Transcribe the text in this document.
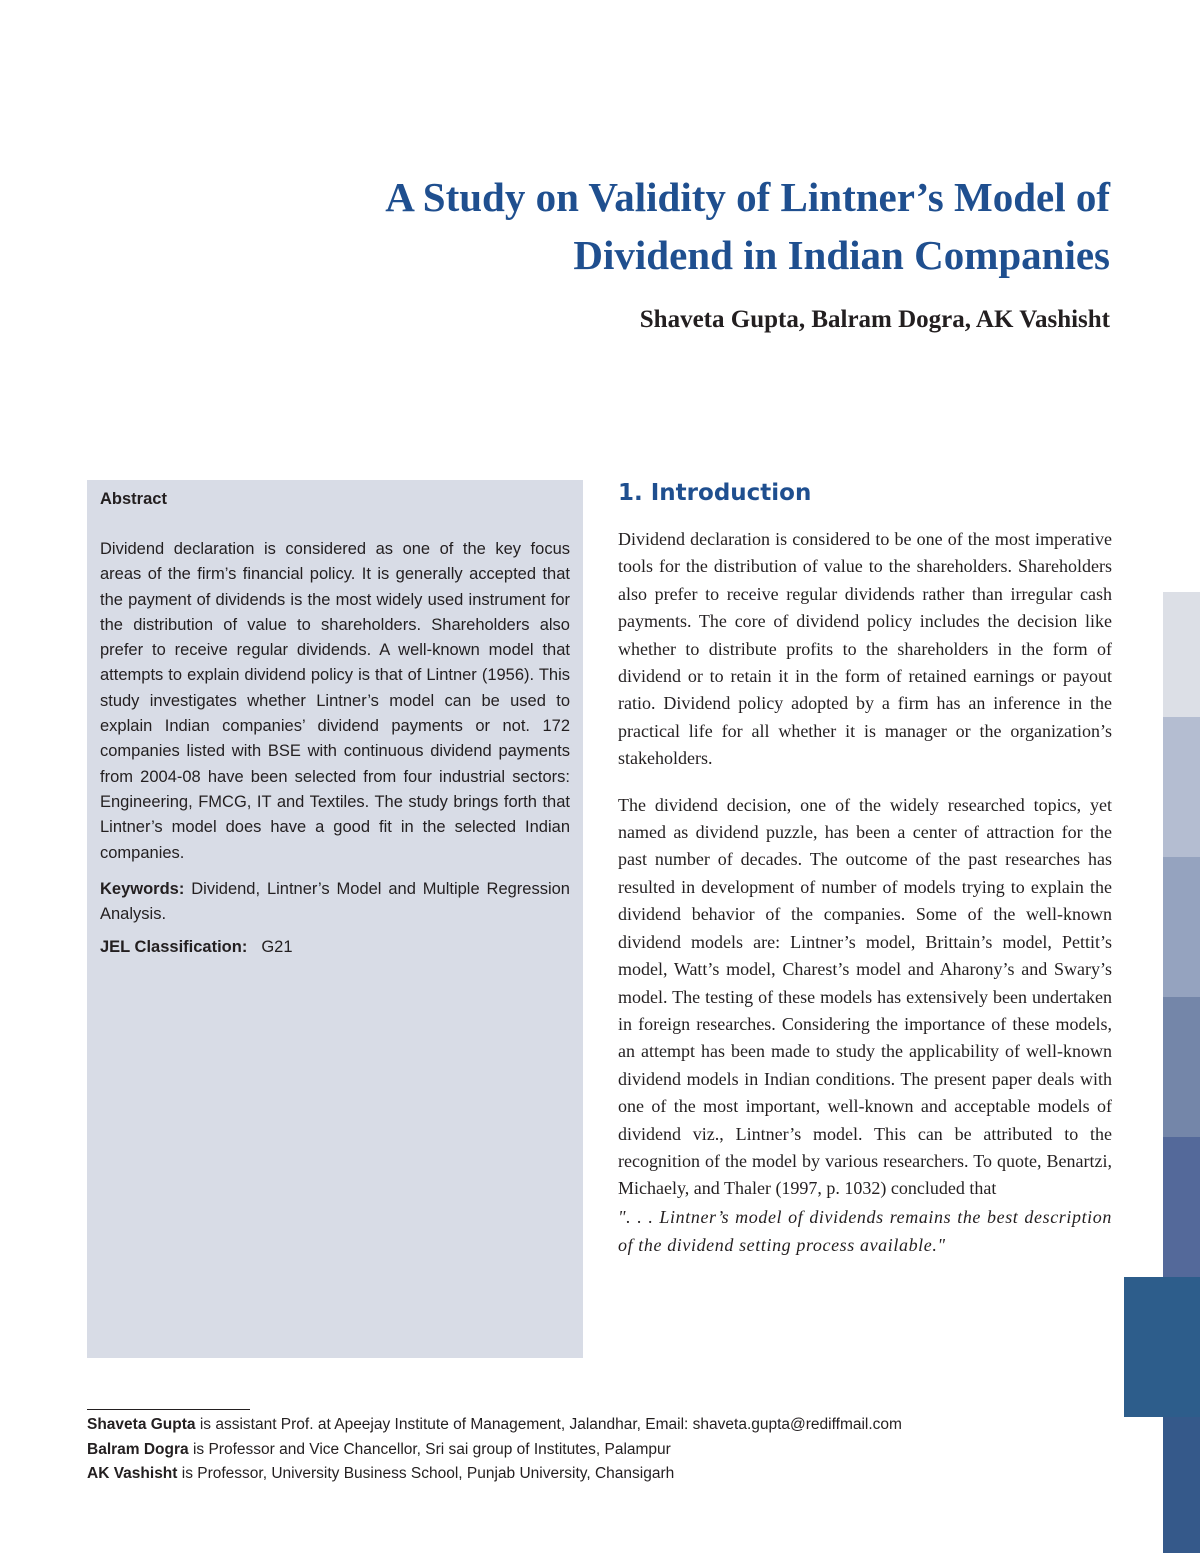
A Study on Validity of Lintner’s Model of
Dividend in Indian Companies

Shaveta Gupta, Balram Dogra, AK Vashisht

Abstract

Dividend declaration is considered as one of the key focus areas of the firm’s financial policy. It is generally accepted that the payment of dividends is the most widely used instrument for the distribution of value to shareholders. Shareholders also prefer to receive regular dividends. A well-known model that attempts to explain dividend policy is that of Lintner (1956). This study investigates whether Lintner’s model can be used to explain Indian companies’ dividend payments or not. 172 companies listed with BSE with continuous dividend payments from 2004-08 have been selected from four industrial sectors: Engineering, FMCG, IT and Textiles. The study brings forth that Lintner’s model does have a good fit in the selected Indian companies.

Keywords: Dividend, Lintner’s Model and Multiple Regression Analysis.

JEL Classification: G21

1. Introduction

Dividend declaration is considered to be one of the most imperative tools for the distribution of value to the shareholders. Shareholders also prefer to receive regular dividends rather than irregular cash payments. The core of dividend policy includes the decision like whether to distribute profits to the shareholders in the form of dividend or to retain it in the form of retained earnings or payout ratio. Dividend policy adopted by a firm has an inference in the practical life for all whether it is manager or the organization’s stakeholders.

The dividend decision, one of the widely researched topics, yet named as dividend puzzle, has been a center of attraction for the past number of decades. The outcome of the past researches has resulted in development of number of models trying to explain the dividend behavior of the companies. Some of the well-known dividend models are: Lintner’s model, Brittain’s model, Pettit’s model, Watt’s model, Charest’s model and Aharony’s and Swary’s model. The testing of these models has extensively been undertaken in foreign researches. Considering the importance of these models, an attempt has been made to study the applicability of well-known dividend models in Indian conditions. The present paper deals with one of the most important, well-known and acceptable models of dividend viz., Lintner’s model. This can be attributed to the recognition of the model by various researchers. To quote, Benartzi, Michaely, and Thaler (1997, p. 1032) concluded that

". . . Lintner’s model of dividends remains the best description of the dividend setting process available."

Shaveta Gupta is assistant Prof. at Apeejay Institute of Management, Jalandhar, Email: shaveta.gupta@rediffmail.com
Balram Dogra is Professor and Vice Chancellor, Sri sai group of Institutes, Palampur
AK Vashisht is Professor, University Business School, Punjab University, Chansigarh
